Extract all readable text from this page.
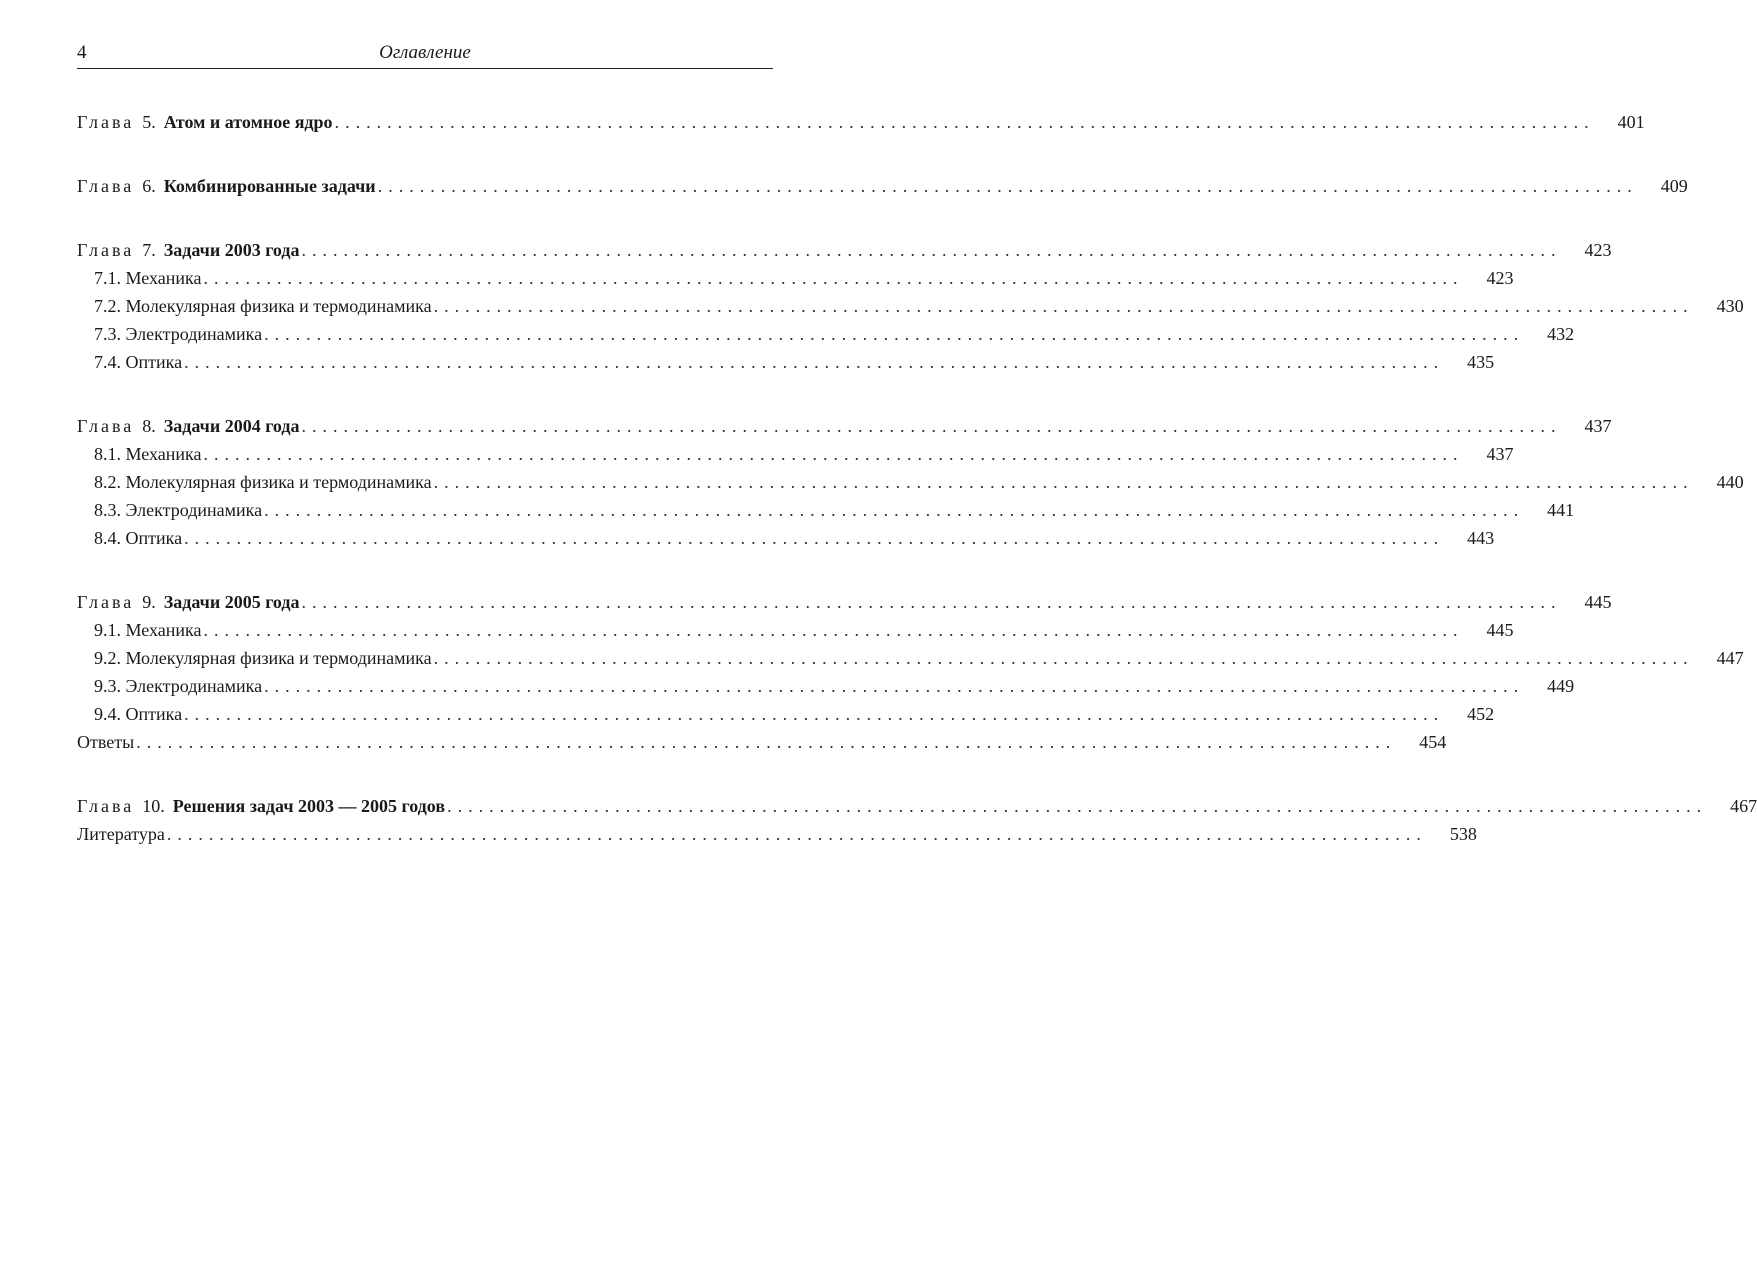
4	Оглавление
Глава 5. Атом и атомное ядро ........................................................................................................................	401
Глава 6. Комбинированные задачи ........................................................................................................................	409
Глава 7. Задачи 2003 года ........................................................................................................................	423
7.1. Механика ........................................................................................................................	423
7.2. Молекулярная физика и термодинамика ........................................................................................................................	430
7.3. Электродинамика ........................................................................................................................	432
7.4. Оптика ........................................................................................................................	435
Глава 8. Задачи 2004 года ........................................................................................................................	437
8.1. Механика ........................................................................................................................	437
8.2. Молекулярная физика и термодинамика ........................................................................................................................	440
8.3. Электродинамика ........................................................................................................................	441
8.4. Оптика ........................................................................................................................	443
Глава 9. Задачи 2005 года ........................................................................................................................	445
9.1. Механика ........................................................................................................................	445
9.2. Молекулярная физика и термодинамика ........................................................................................................................	447
9.3. Электродинамика ........................................................................................................................	449
9.4. Оптика ........................................................................................................................	452
Ответы ........................................................................................................................	454
Глава 10. Решения задач 2003 — 2005 годов ........................................................................................................................	467
Литература ........................................................................................................................	538
